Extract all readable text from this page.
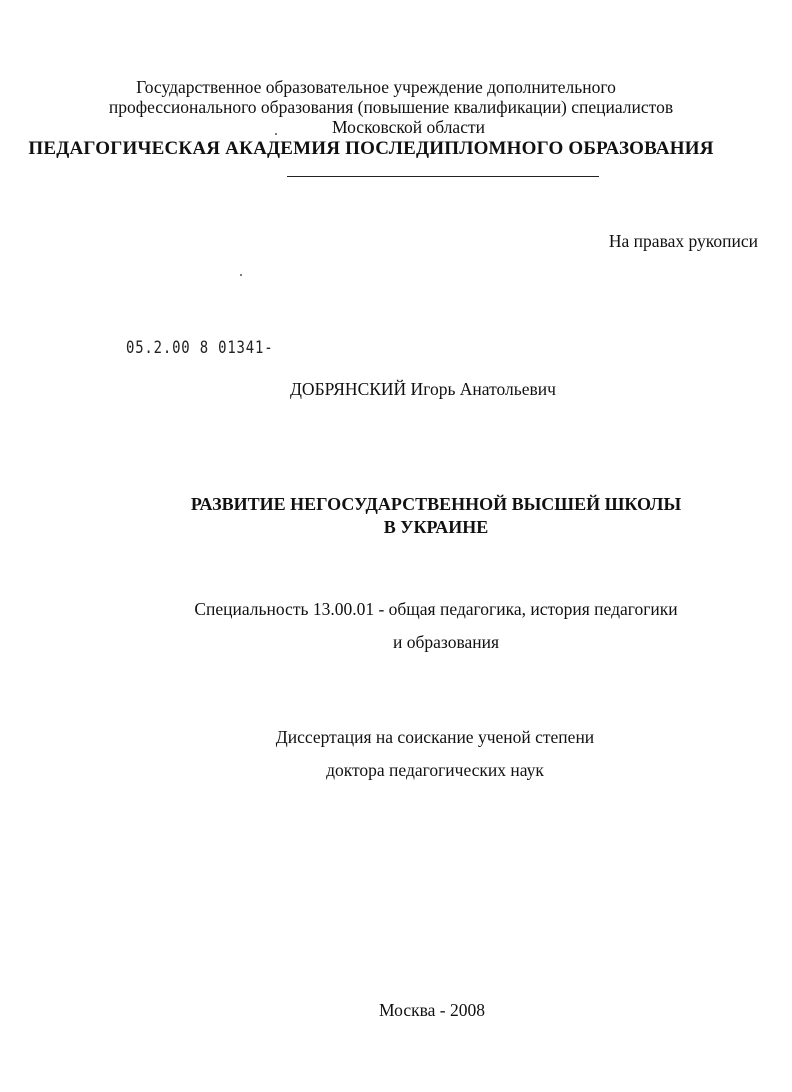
Государственное образовательное учреждение дополнительного
профессионального образования (повышение квалификации) специалистов
Московской области
ПЕДАГОГИЧЕСКАЯ АКАДЕМИЯ ПОСЛЕДИПЛОМНОГО ОБРАЗОВАНИЯ
На правах рукописи
05.2.00 8 01341-
ДОБРЯНСКИЙ Игорь Анатольевич
РАЗВИТИЕ НЕГОСУДАРСТВЕННОЙ ВЫСШЕЙ ШКОЛЫ
В УКРАИНЕ
Специальность 13.00.01 - общая педагогика, история педагогики
и образования
Диссертация на соискание ученой степени
доктора педагогических наук
Москва - 2008
